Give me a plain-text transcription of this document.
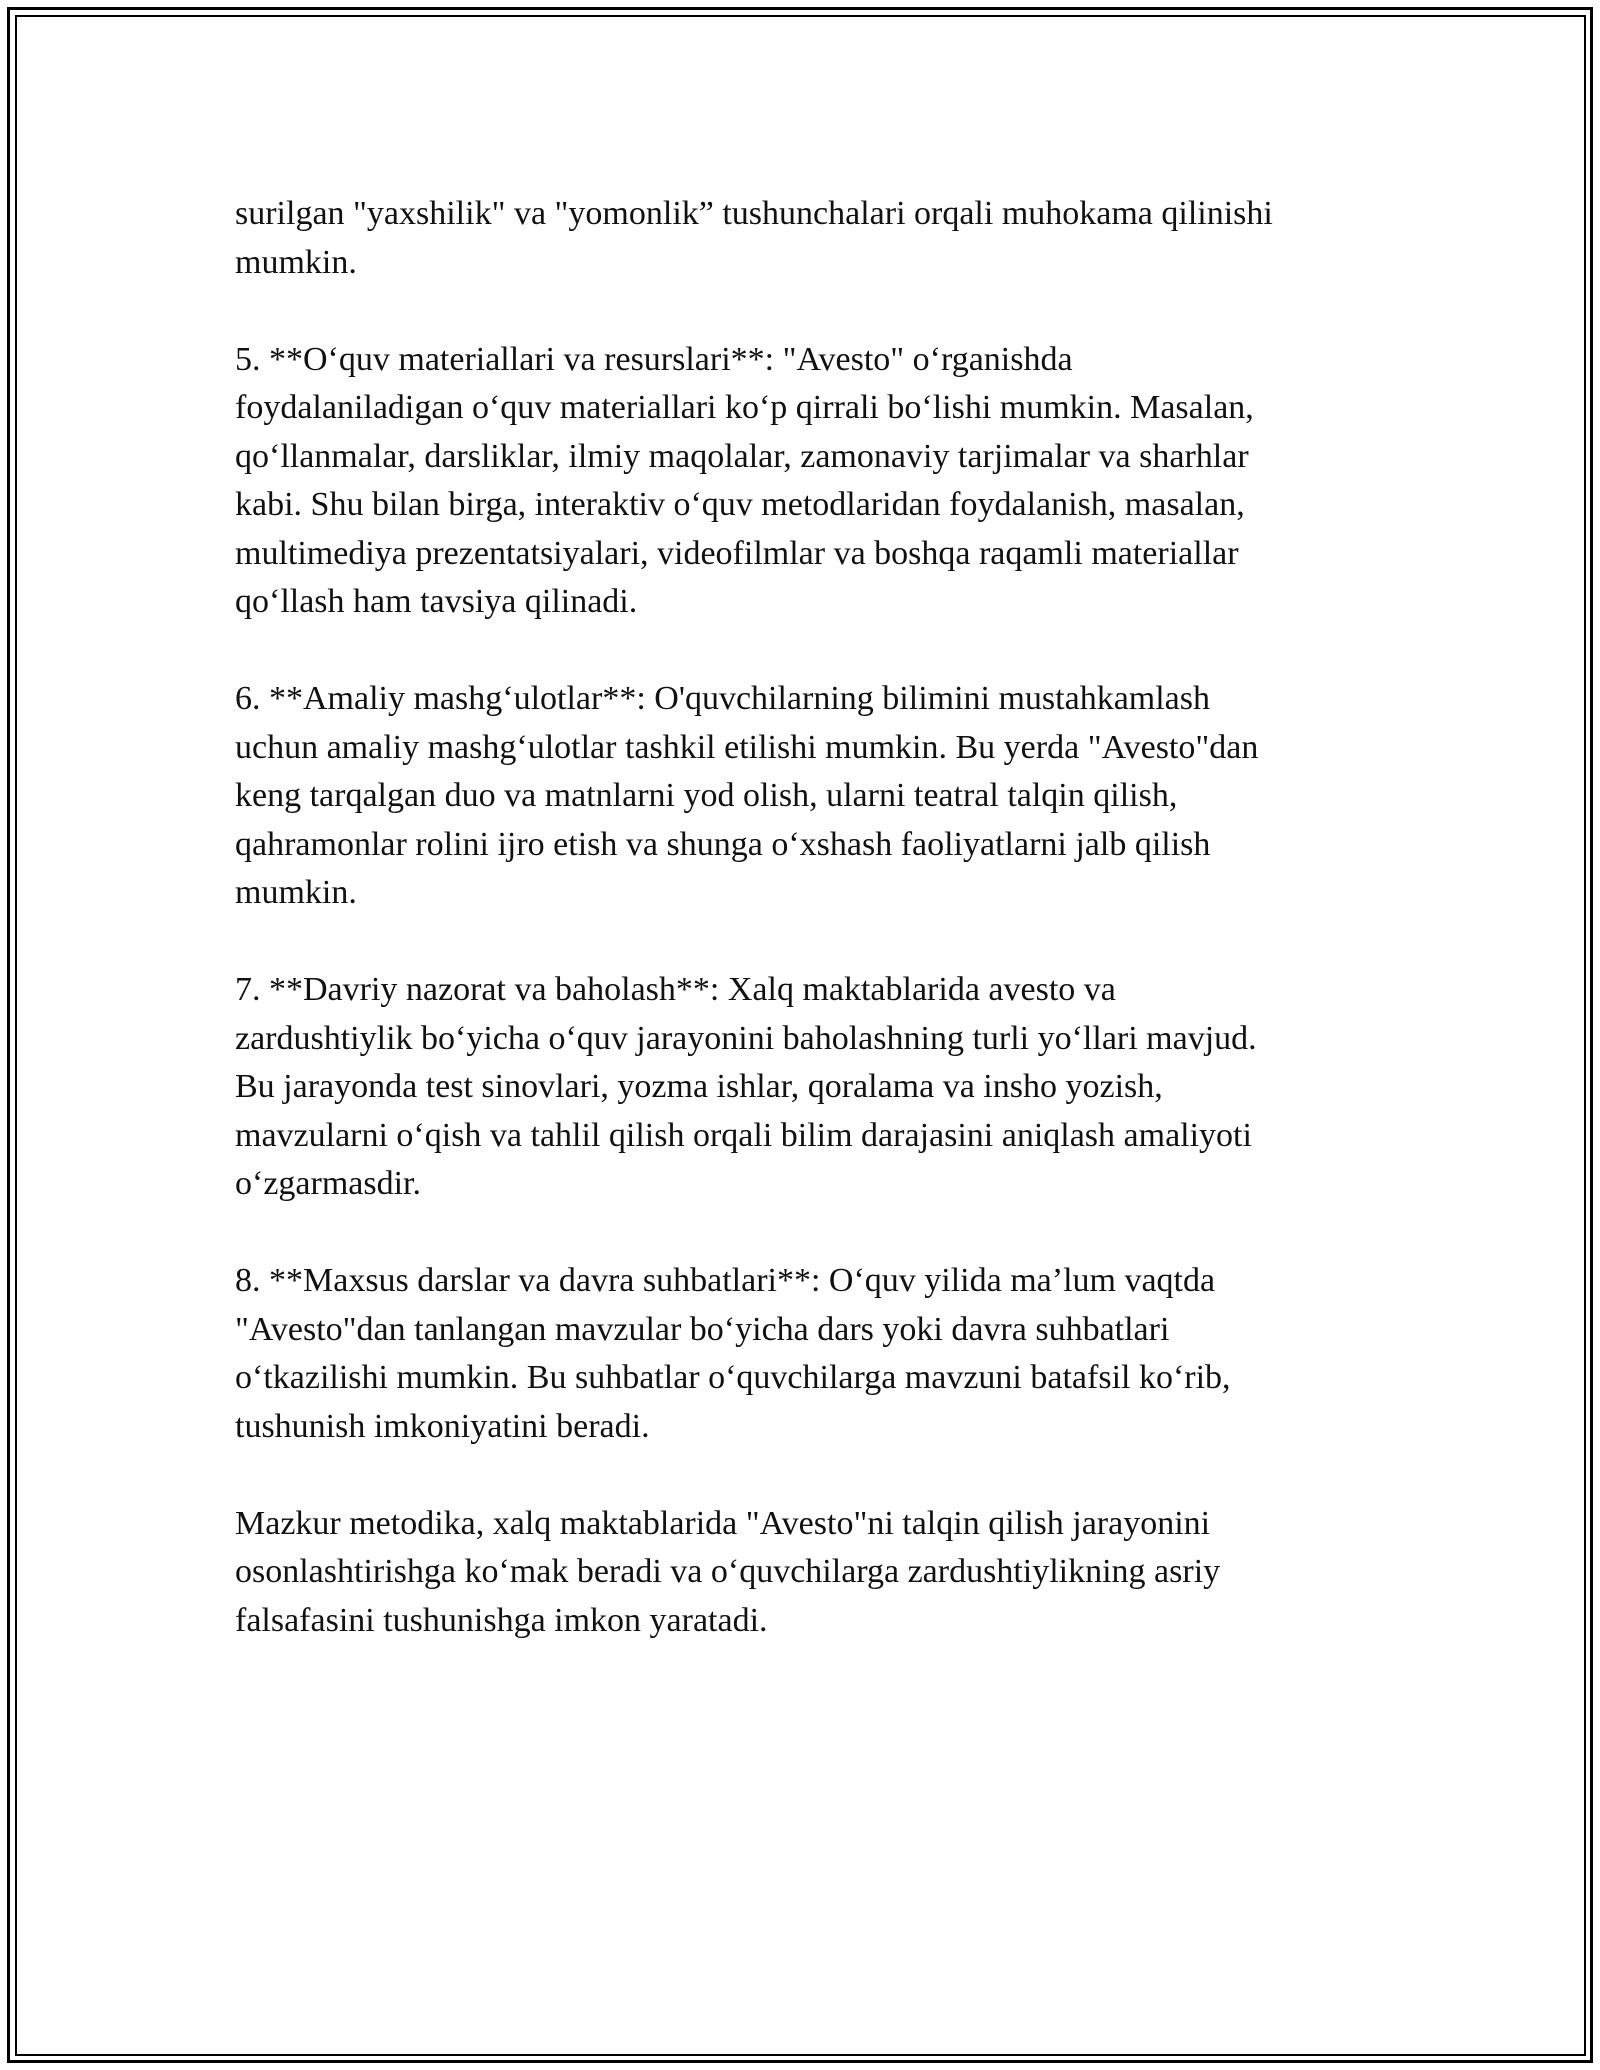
surilgan "yaxshilik" va "yomonlik” tushunchalari orqali muhokama qilinishi
mumkin.

5. **O‘quv materiallari va resurslari**: "Avesto" o‘rganishda
foydalaniladigan o‘quv materiallari ko‘p qirrali bo‘lishi mumkin. Masalan,
qo‘llanmalar, darsliklar, ilmiy maqolalar, zamonaviy tarjimalar va sharhlar
kabi. Shu bilan birga, interaktiv o‘quv metodlaridan foydalanish, masalan,
multimediya prezentatsiyalari, videofilmlar va boshqa raqamli materiallar
qo‘llash ham tavsiya qilinadi.

6. **Amaliy mashg‘ulotlar**: O'quvchilarning bilimini mustahkamlash
uchun amaliy mashg‘ulotlar tashkil etilishi mumkin. Bu yerda "Avesto"dan
keng tarqalgan duo va matnlarni yod olish, ularni teatral talqin qilish,
qahramonlar rolini ijro etish va shunga o‘xshash faoliyatlarni jalb qilish
mumkin.

7. **Davriy nazorat va baholash**: Xalq maktablarida avesto va
zardushtiylik bo‘yicha o‘quv jarayonini baholashning turli yo‘llari mavjud.
Bu jarayonda test sinovlari, yozma ishlar, qoralama va insho yozish,
mavzularni o‘qish va tahlil qilish orqali bilim darajasini aniqlash amaliyoti
o‘zgarmasdir.

8. **Maxsus darslar va davra suhbatlari**: O‘quv yilida ma’lum vaqtda
"Avesto"dan tanlangan mavzular bo‘yicha dars yoki davra suhbatlari
o‘tkazilishi mumkin. Bu suhbatlar o‘quvchilarga mavzuni batafsil ko‘rib,
tushunish imkoniyatini beradi.

Mazkur metodika, xalq maktablarida "Avesto"ni talqin qilish jarayonini
osonlashtirishga ko‘mak beradi va o‘quvchilarga zardushtiylikning asriy
falsafasini tushunishga imkon yaratadi.
